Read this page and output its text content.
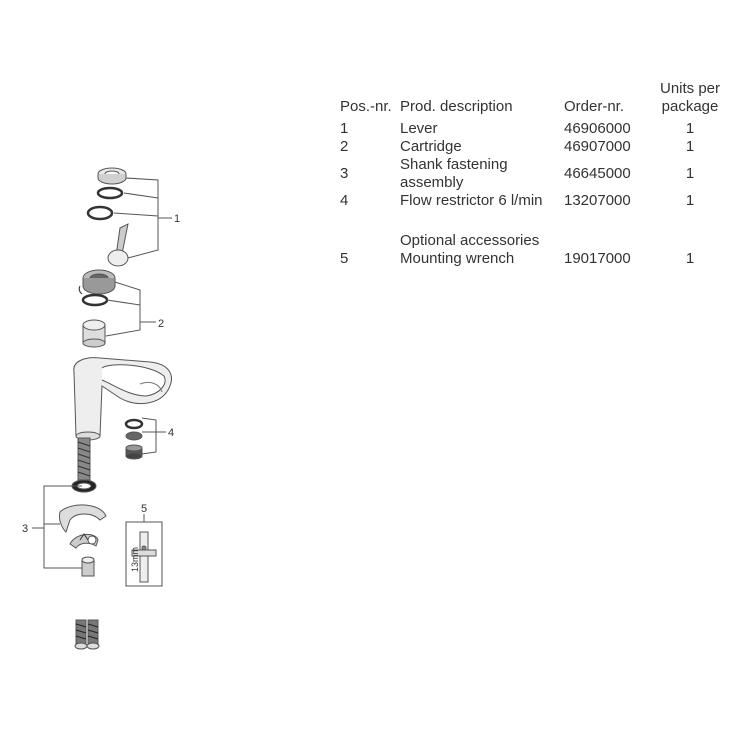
1
2
3
4
5
13mm
Pos.-nr.	Prod. description	Order-nr.	Units per
package
1	Lever	46906000	1
2	Cartridge	46907000	1
3	Shank fastening
assembly	46645000	1
4	Flow restrictor 6 l/min	13207000	1

	Optional accessories		
5	Mounting wrench	19017000	1
